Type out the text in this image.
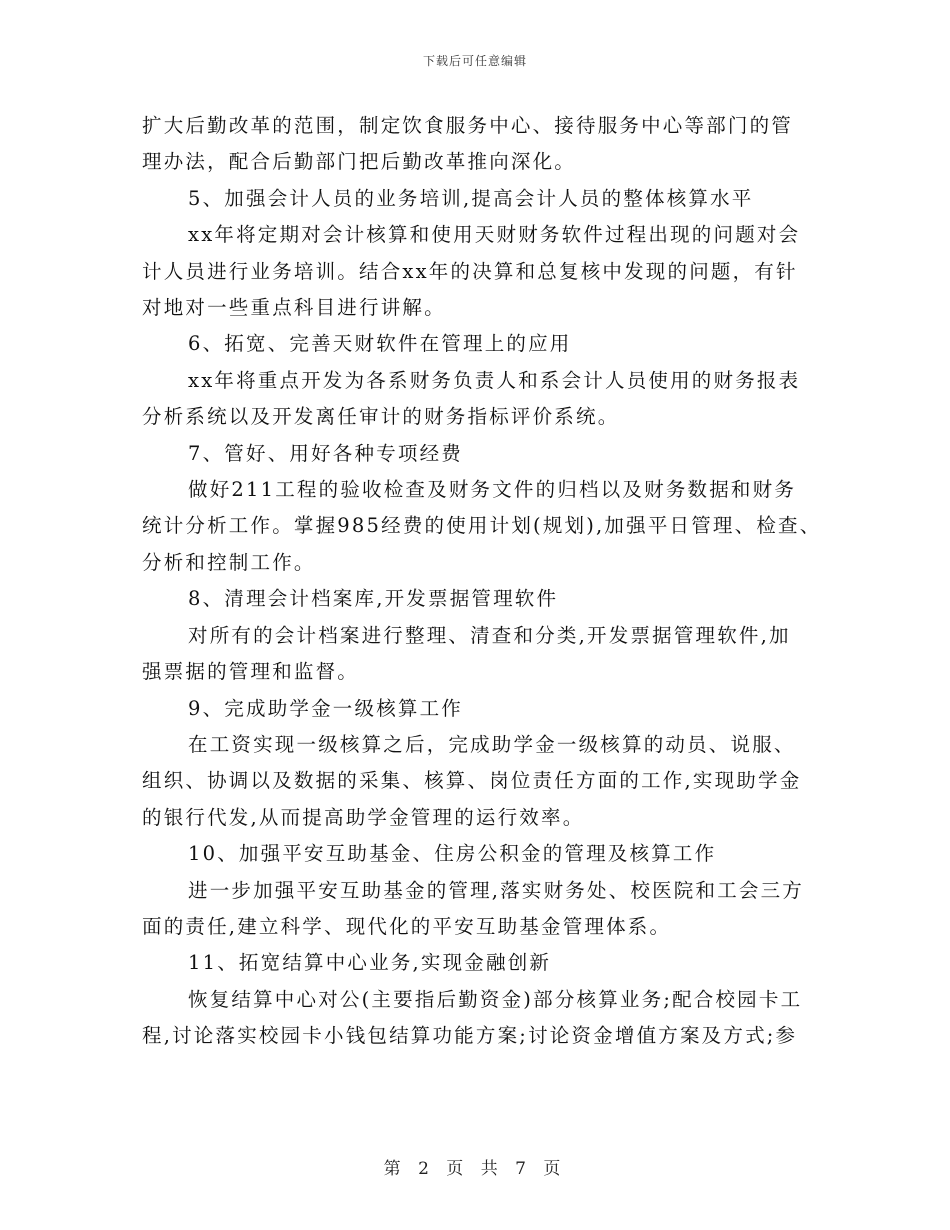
下载后可任意编辑

扩大后勤改革的范围，制定饮食服务中心、接待服务中心等部门的管

理办法，配合后勤部门把后勤改革推向深化。

5、加强会计人员的业务培训,提高会计人员的整体核算水平

xx年将定期对会计核算和使用天财财务软件过程出现的问题对会

计人员进行业务培训。结合xx年的决算和总复核中发现的问题，有针

对地对一些重点科目进行讲解。

6、拓宽、完善天财软件在管理上的应用

xx年将重点开发为各系财务负责人和系会计人员使用的财务报表

分析系统以及开发离任审计的财务指标评价系统。

7、管好、用好各种专项经费

做好211工程的验收检查及财务文件的归档以及财务数据和财务

统计分析工作。掌握985经费的使用计划(规划),加强平日管理、检查、

分析和控制工作。

8、清理会计档案库,开发票据管理软件

对所有的会计档案进行整理、清查和分类,开发票据管理软件,加

强票据的管理和监督。

9、完成助学金一级核算工作

在工资实现一级核算之后，完成助学金一级核算的动员、说服、

组织、协调以及数据的采集、核算、岗位责任方面的工作,实现助学金

的银行代发,从而提高助学金管理的运行效率。

10、加强平安互助基金、住房公积金的管理及核算工作

进一步加强平安互助基金的管理,落实财务处、校医院和工会三方

面的责任,建立科学、现代化的平安互助基金管理体系。

11、拓宽结算中心业务,实现金融创新

恢复结算中心对公(主要指后勤资金)部分核算业务;配合校园卡工

程,讨论落实校园卡小钱包结算功能方案;讨论资金增值方案及方式;参

第 2 页 共 7 页
